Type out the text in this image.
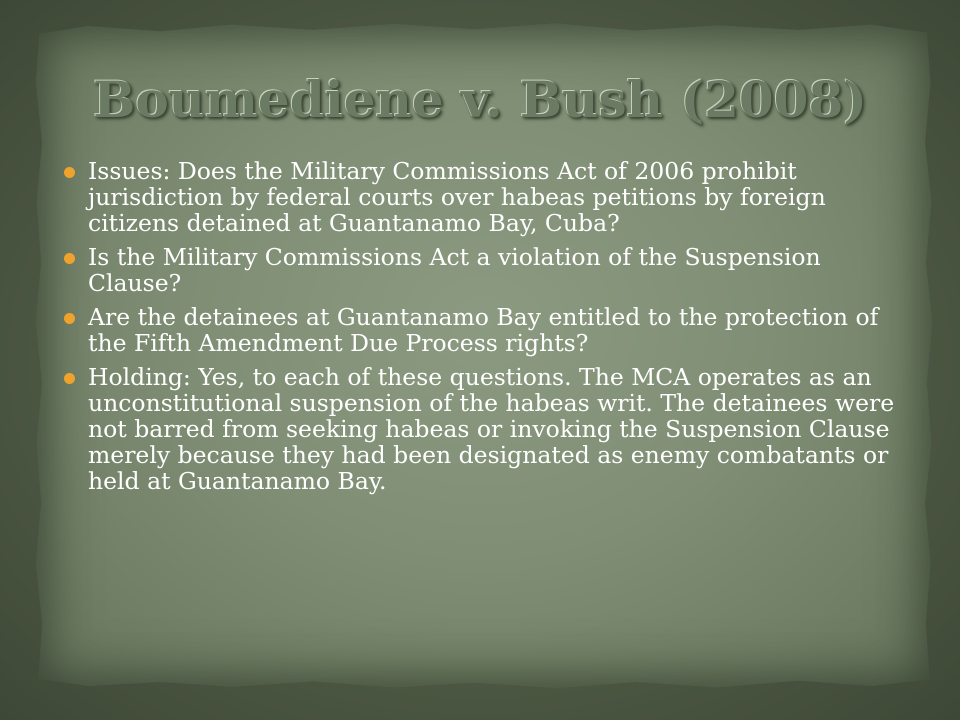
Boumediene v. Bush (2008)
Issues: Does the Military Commissions Act of 2006 prohibit jurisdiction by federal courts over habeas petitions by foreign citizens detained at Guantanamo Bay, Cuba?
Is the Military Commissions Act a violation of the Suspension Clause?
Are the detainees at Guantanamo Bay entitled to the protection of the Fifth Amendment Due Process rights?
Holding: Yes, to each of these questions. The MCA operates as an unconstitutional suspension of the habeas writ. The detainees were not barred from seeking habeas or invoking the Suspension Clause merely because they had been designated as enemy combatants or held at Guantanamo Bay.
